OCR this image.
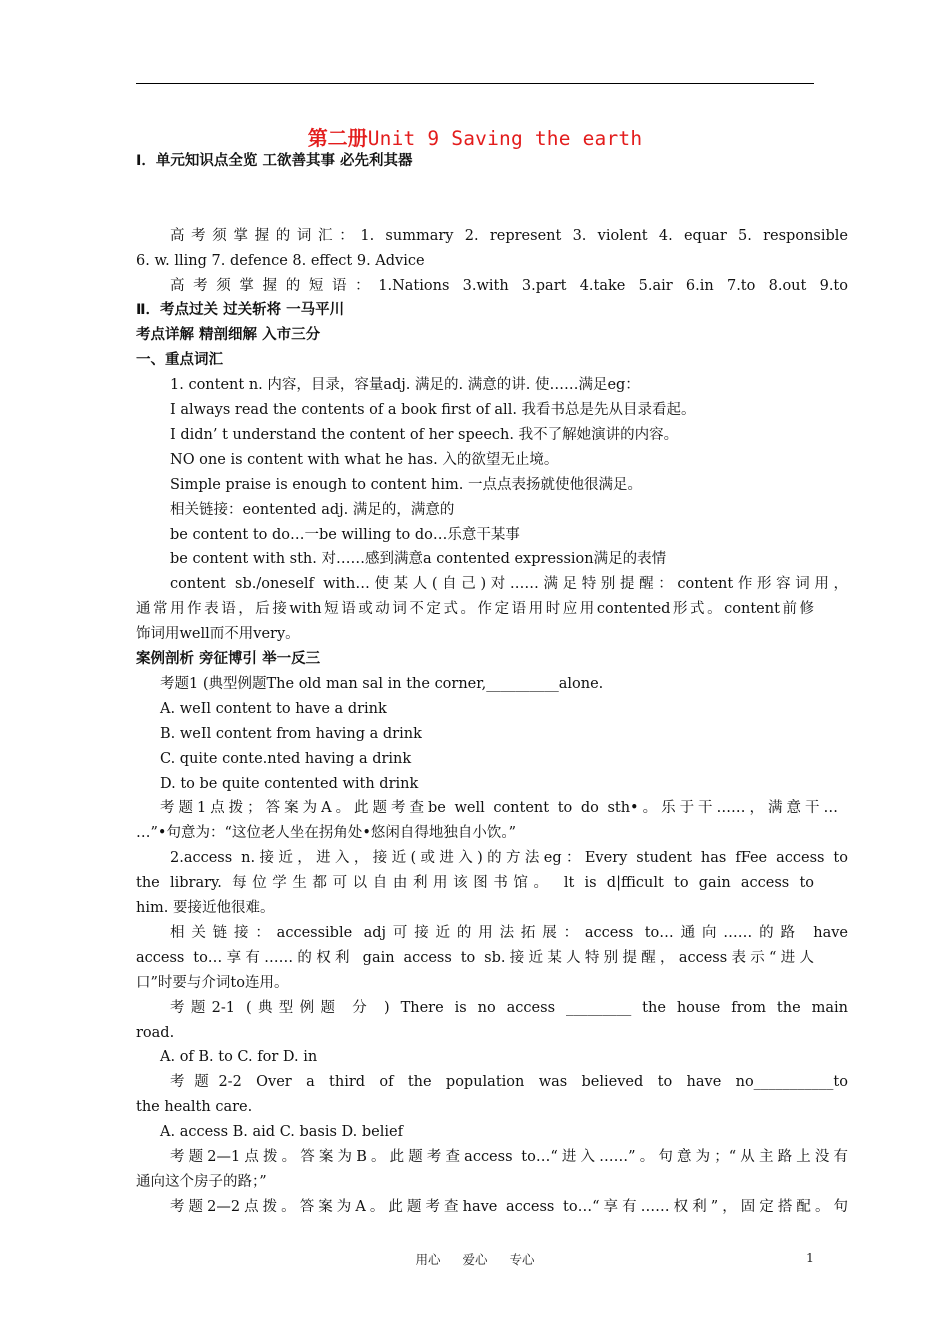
第二册Unit 9 Saving the earth
I．单元知识点全览 工欲善其事 必先利其器
高考须掌握的词汇：1. summary 2. represent 3. violent 4. equar 5. responsible
6. w. lling 7. defence 8. effect 9. Advice
高考须掌握的短语：1.Nations 3.with 3.part 4.take 5.air 6.in 7.to 8.out 9.to
Ⅱ．考点过关 过关斩将 一马平川
考点详解 精剖细解 入市三分
一、重点词汇
1. content n. 内容，目录，容量adj. 满足的. 满意的讲. 使……满足eg：
I always read the contents of a book first of all. 我看书总是先从目录看起。
I didn’ t understand the content of her speech. 我不了解她演讲的内容。
NO one is content with what he has. 入的欲望无止境。
Simple praise is enough to content him. 一点点表扬就使他很满足。
相关链接：eontented adj. 满足的，满意的
be content to do…一be willing to do…乐意干某事
be content with sth. 对……感到满意a contented expression满足的表情
content sb./oneself with…使某人(自己)对……满足特别提醒：content作形容词用，
通常用作表语，后接with短语或动词不定式。作定语用时应用contented形式。content前修
饰词用well而不用very。
案例剖析 旁征博引 举一反三
考题1 (典型例题The old man sal in the corner,__________alone.
A. weIl content to have a drink
B. weIl content from having a drink
C. quite conte.nted having a drink
D. to be quite contented with drink
考题1点拨；答案为A。此题考查be well content to do sth•。乐于干……，满意干…
…”•句意为：“这位老人坐在拐角处•悠闲自得地独自小饮。”
2.access n.接近，进入，接近(或进入)的方法eg：Every student has fFee access to
the library. 每位学生都可以自由利用该图书馆。 lt is d|fficult to gain access to
him. 要接近他很难。
相关链接：accessible adj可接近的用法拓展：access to…通向……的路 have
access to…享有……的权利 gain access to sb.接近某人特别提醒，access表示“进人
口”时要与介词to连用。
考题2-1 (典型例题 分 ) There is no access _________ the house from the main
road.
A. of B. to C. for D. in
考题2-2 Over a third of the population was believed to have no___________to
the health care.
A. access B. aid C. basis D. belief
考题2—1点拨。答案为B。此题考查access to…“进入……”。句意为；“从主路上没有
通向这个房子的路；”
考题2—2点拨。答案为A。此题考查have access to…“享有……权利”，固定搭配。句
用心 爱心 专心	1
